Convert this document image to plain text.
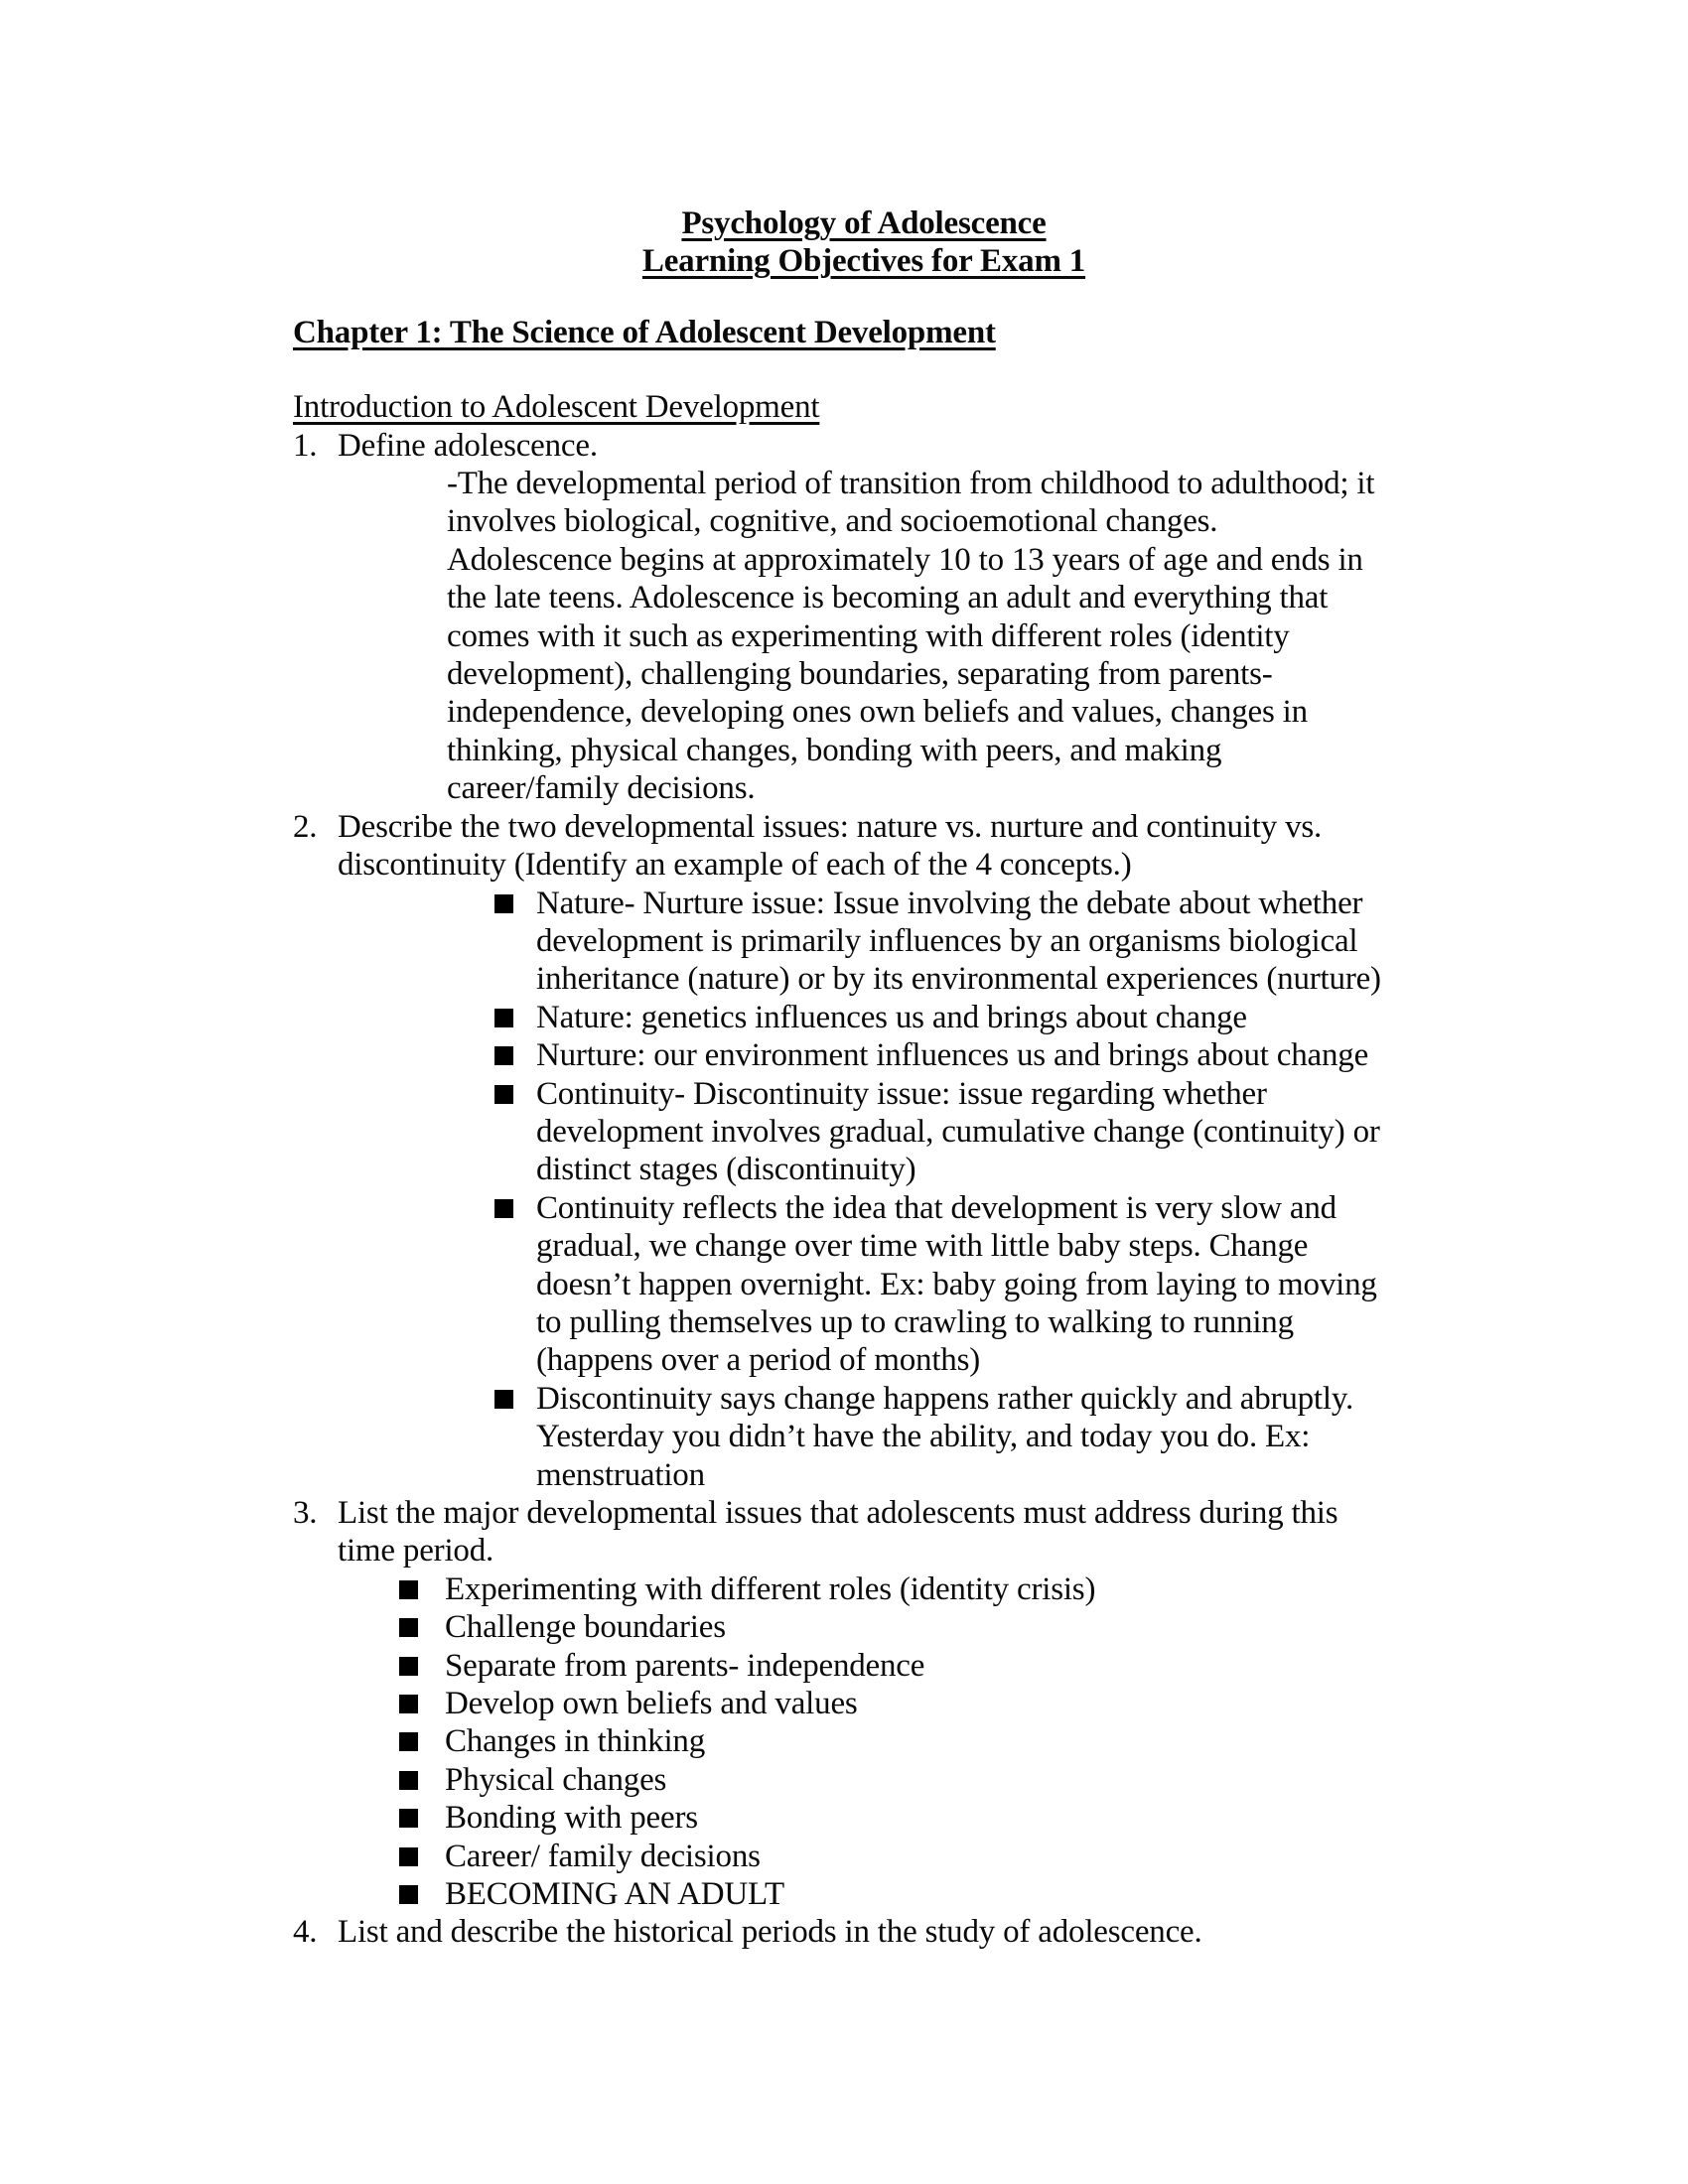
Psychology of Adolescence
Learning Objectives for Exam 1
Chapter 1: The Science of Adolescent Development
Introduction to Adolescent Development
1. Define adolescence.
-The developmental period of transition from childhood to adulthood; it involves biological, cognitive, and socioemotional changes. Adolescence begins at approximately 10 to 13 years of age and ends in the late teens. Adolescence is becoming an adult and everything that comes with it such as experimenting with different roles (identity development), challenging boundaries, separating from parents- independence, developing ones own beliefs and values, changes in thinking, physical changes, bonding with peers, and making career/family decisions.
2. Describe the two developmental issues: nature vs. nurture and continuity vs. discontinuity (Identify an example of each of the 4 concepts.)
Nature- Nurture issue: Issue involving the debate about whether development is primarily influences by an organisms biological inheritance (nature) or by its environmental experiences (nurture)
Nature: genetics influences us and brings about change
Nurture: our environment influences us and brings about change
Continuity- Discontinuity issue: issue regarding whether development involves gradual, cumulative change (continuity) or distinct stages (discontinuity)
Continuity reflects the idea that development is very slow and gradual, we change over time with little baby steps. Change doesn’t happen overnight. Ex: baby going from laying to moving to pulling themselves up to crawling to walking to running (happens over a period of months)
Discontinuity says change happens rather quickly and abruptly. Yesterday you didn’t have the ability, and today you do. Ex: menstruation
3. List the major developmental issues that adolescents must address during this time period.
Experimenting with different roles (identity crisis)
Challenge boundaries
Separate from parents- independence
Develop own beliefs and values
Changes in thinking
Physical changes
Bonding with peers
Career/ family decisions
BECOMING AN ADULT
4. List and describe the historical periods in the study of adolescence.
